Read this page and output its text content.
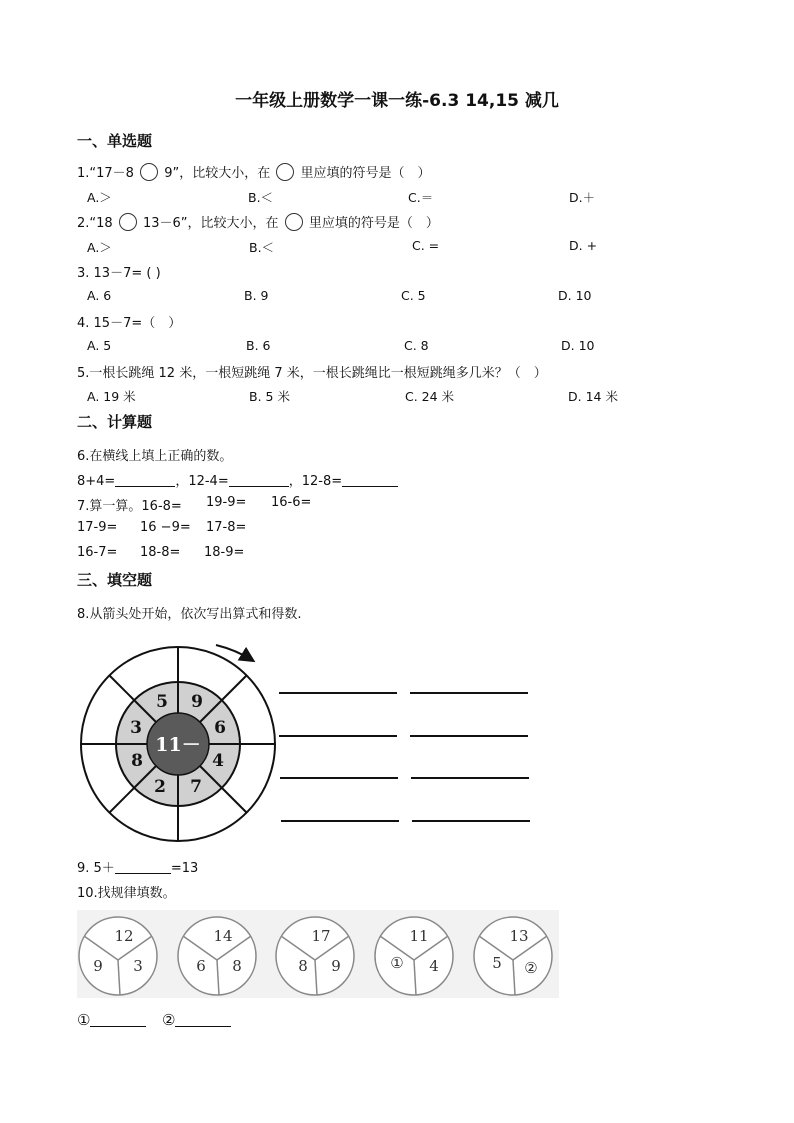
一年级上册数学一课一练-6.3 14,15 减几
一、单选题
1.“17－8 9”，比较大小，在 里应填的符号是（　）
A.＞	B.＜	C.＝	D.＋
2.“18 13－6”，比较大小，在 里应填的符号是（　）
A.＞	B.＜	C. =	D. +
3. 13－7= ( )
A. 6	B. 9	C. 5	D. 10
4. 15－7=（　）
A. 5	B. 6	C. 8	D. 10
5.一根长跳绳 12 米，一根短跳绳 7 米，一根长跳绳比一根短跳绳多几米？（　）
A. 19 米	B. 5 米	C. 24 米	D. 14 米
二、计算题
6.在横线上填上正确的数。
8+4=	，12-4=	，12-8=
7.算一算。16-8= 19-9= 16-6=
17-9= 16 −9= 17-8=
16-7= 18-8= 18-9=
三、填空题
8.从箭头处开始，依次写出算式和得数.
11－
9
6
4
7
2
8
3
5
9. 5＋	=13
10.找规律填数。
12
9 3
14
6 8
17
8 9
11
① 4
13
5 ②
①	②
